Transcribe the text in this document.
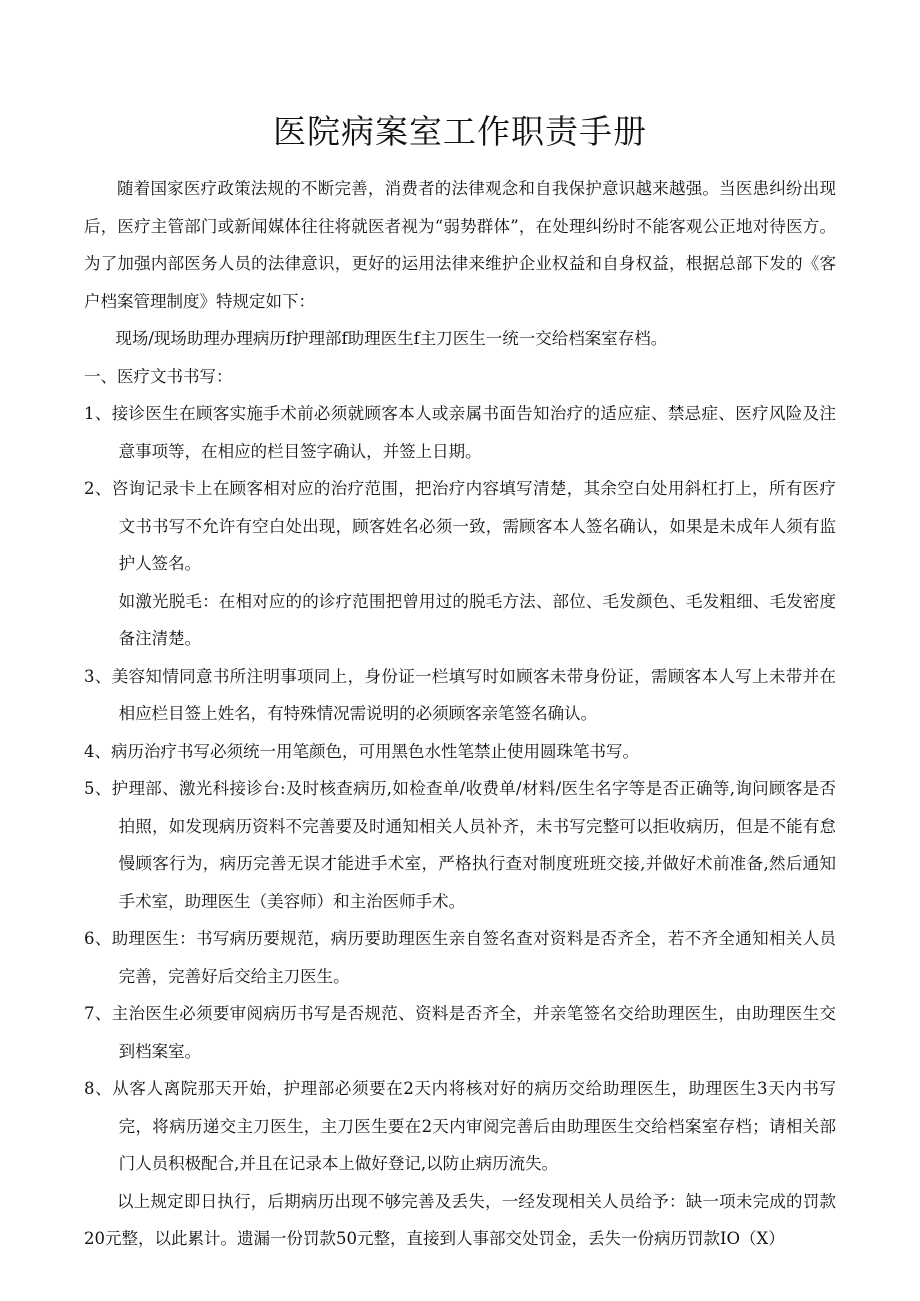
医院病案室工作职责手册

随着国家医疗政策法规的不断完善，消费者的法律观念和自我保护意识越来越强。当医患纠纷出现后，医疗主管部门或新闻媒体往往将就医者视为“弱势群体”，在处理纠纷时不能客观公正地对待医方。为了加强内部医务人员的法律意识，更好的运用法律来维护企业权益和自身权益，根据总部下发的《客户档案管理制度》特规定如下：

现场/现场助理办理病历f护理部f助理医生f主刀医生一统一交给档案室存档。

一、医疗文书书写：

1、接诊医生在顾客实施手术前必须就顾客本人或亲属书面告知治疗的适应症、禁忌症、医疗风险及注意事项等，在相应的栏目签字确认，并签上日期。

2、咨询记录卡上在顾客相对应的治疗范围，把治疗内容填写清楚，其余空白处用斜杠打上，所有医疗文书书写不允许有空白处出现，顾客姓名必须一致，需顾客本人签名确认，如果是未成年人须有监护人签名。

如激光脱毛：在相对应的的诊疗范围把曾用过的脱毛方法、部位、毛发颜色、毛发粗细、毛发密度备注清楚。

3、美容知情同意书所注明事项同上，身份证一栏填写时如顾客未带身份证，需顾客本人写上未带并在相应栏目签上姓名，有特殊情况需说明的必须顾客亲笔签名确认。

4、病历治疗书写必须统一用笔颜色，可用黑色水性笔禁止使用圆珠笔书写。

5、护理部、激光科接诊台:及时核查病历,如检查单/收费单/材料/医生名字等是否正确等,询问顾客是否拍照，如发现病历资料不完善要及时通知相关人员补齐，未书写完整可以拒收病历，但是不能有怠慢顾客行为，病历完善无误才能进手术室，严格执行查对制度班班交接,并做好术前准备,然后通知手术室，助理医生（美容师）和主治医师手术。

6、助理医生：书写病历要规范，病历要助理医生亲自签名查对资料是否齐全，若不齐全通知相关人员完善，完善好后交给主刀医生。

7、主治医生必须要审阅病历书写是否规范、资料是否齐全，并亲笔签名交给助理医生，由助理医生交到档案室。

8、从客人离院那天开始，护理部必须要在2天内将核对好的病历交给助理医生，助理医生3天内书写完，将病历递交主刀医生，主刀医生要在2天内审阅完善后由助理医生交给档案室存档；请相关部门人员积极配合,并且在记录本上做好登记,以防止病历流失。

以上规定即日执行，后期病历出现不够完善及丢失，一经发现相关人员给予：缺一项未完成的罚款20元整，以此累计。遗漏一份罚款50元整，直接到人事部交处罚金，丢失一份病历罚款IO（X）
